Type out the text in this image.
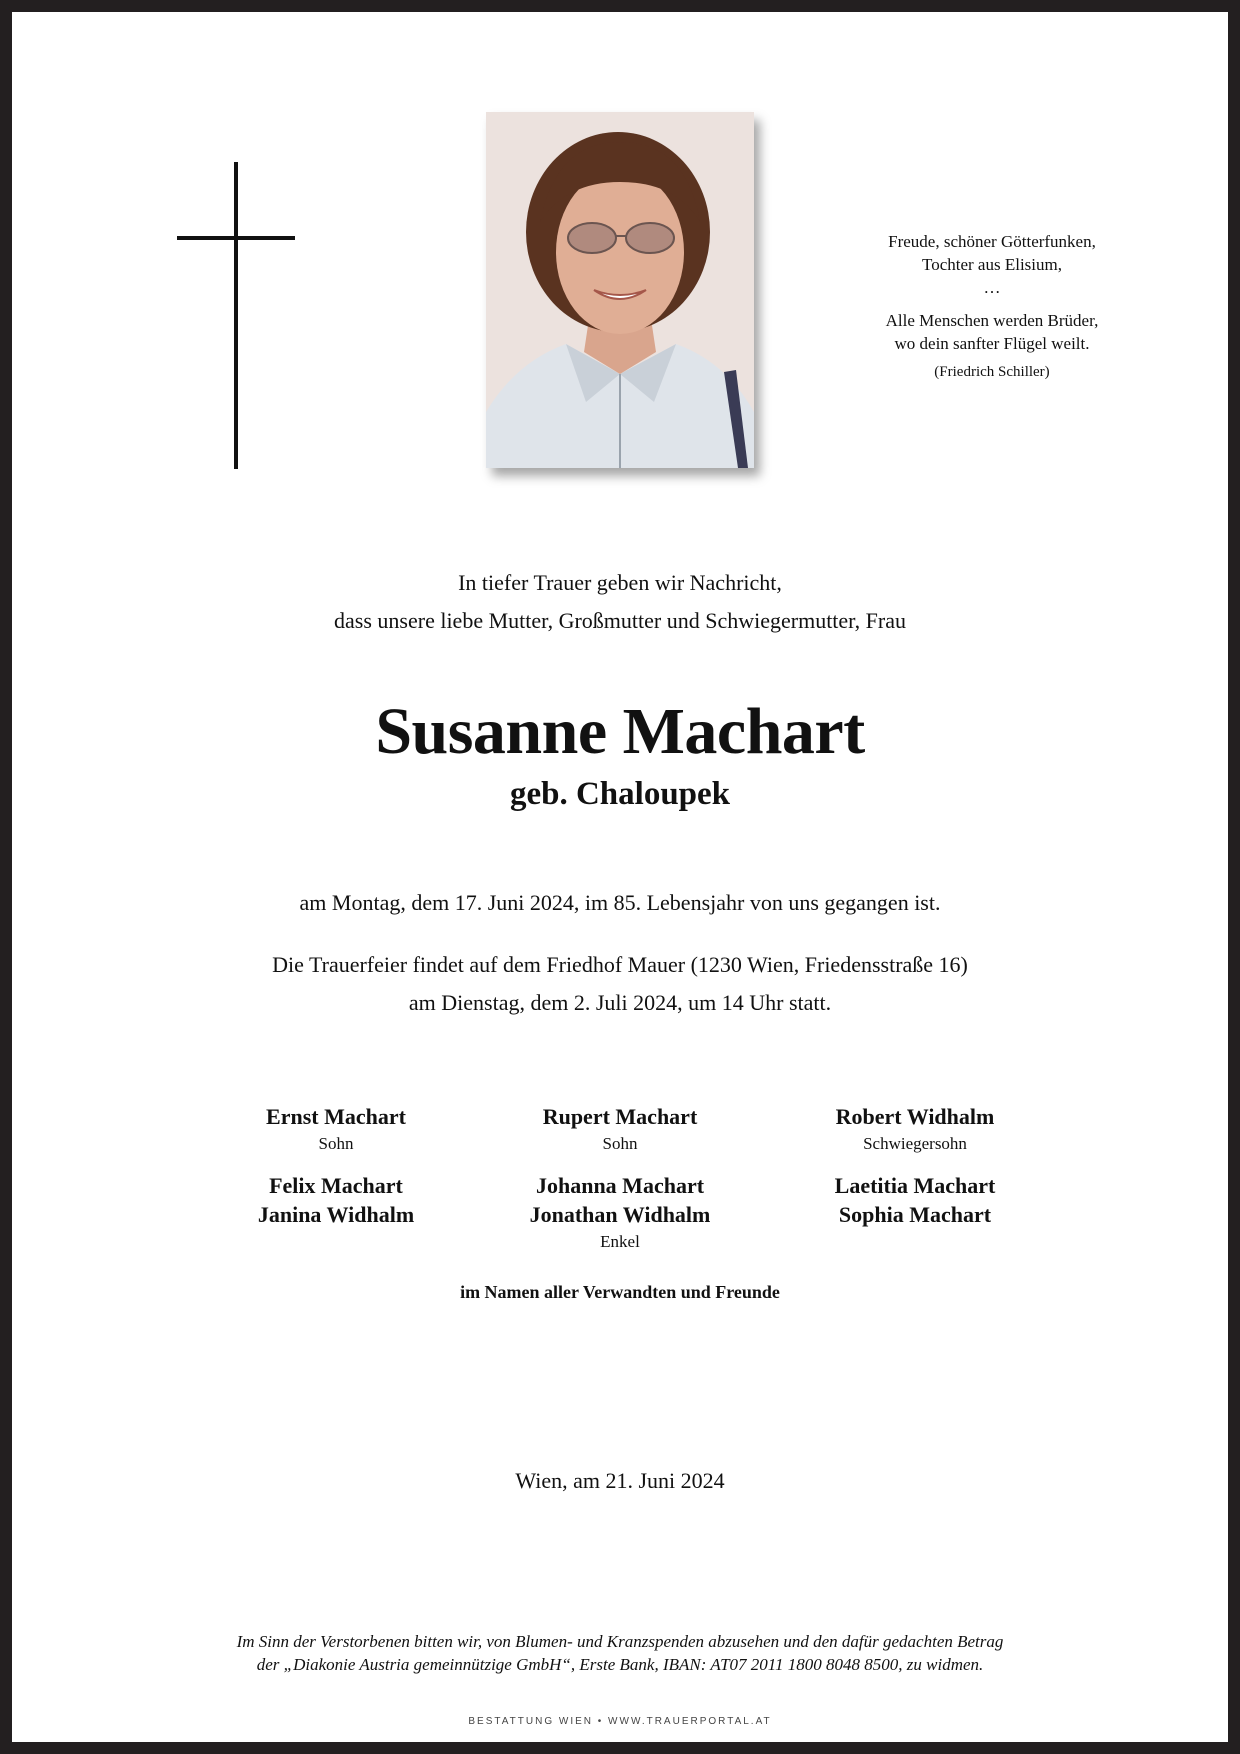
Freude, schöner Götterfunken,
Tochter aus Elisium,
…
Alle Menschen werden Brüder,
wo dein sanfter Flügel weilt.
(Friedrich Schiller)
In tiefer Trauer geben wir Nachricht,
dass unsere liebe Mutter, Großmutter und Schwiegermutter, Frau
Susanne Machart
geb. Chaloupek
am Montag, dem 17. Juni 2024, im 85. Lebensjahr von uns gegangen ist.
Die Trauerfeier findet auf dem Friedhof Mauer (1230 Wien, Friedensstraße 16)
am Dienstag, dem 2. Juli 2024, um 14 Uhr statt.
Ernst Machart
Sohn
Felix Machart
Janina Widhalm
Rupert Machart
Sohn
Johanna Machart
Jonathan Widhalm
Enkel
Robert Widhalm
Schwiegersohn
Laetitia Machart
Sophia Machart
im Namen aller Verwandten und Freunde
Wien, am 21. Juni 2024
Im Sinn der Verstorbenen bitten wir, von Blumen- und Kranzspenden abzusehen und den dafür gedachten Betrag
der „Diakonie Austria gemeinnützige GmbH“, Erste Bank, IBAN: AT07 2011 1800 8048 8500, zu widmen.
BESTATTUNG WIEN • WWW.TRAUERPORTAL.AT
